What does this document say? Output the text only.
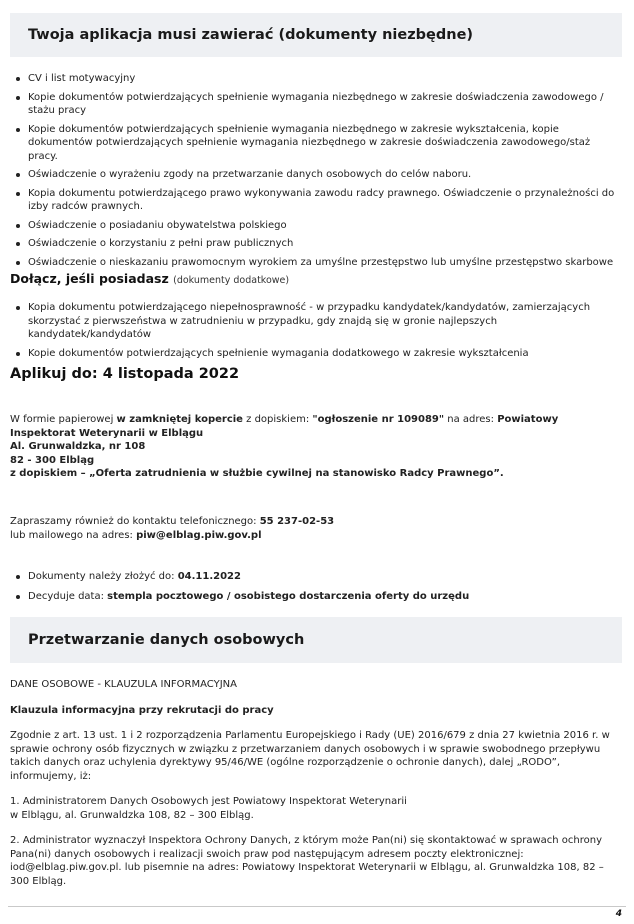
Twoja aplikacja musi zawierać (dokumenty niezbędne)
CV i list motywacyjny
Kopie dokumentów potwierdzających spełnienie wymagania niezbędnego w zakresie doświadczenia zawodowego / stażu pracy
Kopie dokumentów potwierdzających spełnienie wymagania niezbędnego w zakresie wykształcenia, kopie dokumentów potwierdzających spełnienie wymagania niezbędnego w zakresie doświadczenia zawodowego/staż pracy.
Oświadczenie o wyrażeniu zgody na przetwarzanie danych osobowych do celów naboru.
Kopia dokumentu potwierdzającego prawo wykonywania zawodu radcy prawnego. Oświadczenie o przynależności do izby radców prawnych.
Oświadczenie o posiadaniu obywatelstwa polskiego
Oświadczenie o korzystaniu z pełni praw publicznych
Oświadczenie o nieskazaniu prawomocnym wyrokiem za umyślne przestępstwo lub umyślne przestępstwo skarbowe
Dołącz, jeśli posiadasz (dokumenty dodatkowe)
Kopia dokumentu potwierdzającego niepełnosprawność - w przypadku kandydatek/kandydatów, zamierzających skorzystać z pierwszeństwa w zatrudnieniu w przypadku, gdy znajdą się w gronie najlepszych kandydatek/kandydatów
Kopie dokumentów potwierdzających spełnienie wymagania dodatkowego w zakresie wykształcenia
Aplikuj do: 4 listopada 2022

W formie papierowej w zamkniętej kopercie z dopiskiem: "ogłoszenie nr 109089" na adres: Powiatowy Inspektorat Weterynarii w Elblągu

Al. Grunwaldzka, nr 108

82 - 300 Elbląg

z dopiskiem – „Oferta zatrudnienia w służbie cywilnej na stanowisko Radcy Prawnego”.

Zapraszamy również do kontaktu telefonicznego: 55 237-02-53

lub mailowego na adres: piw@elblag.piw.gov.pl

Dokumenty należy złożyć do: 04.11.2022
Decyduje data: stempla pocztowego / osobistego dostarczenia oferty do urzędu
Przetwarzanie danych osobowych

DANE OSOBOWE - KLAUZULA INFORMACYJNA

Klauzula informacyjna przy rekrutacji do pracy

Zgodnie z art. 13 ust. 1 i 2 rozporządzenia Parlamentu Europejskiego i Rady (UE) 2016/679 z dnia 27 kwietnia 2016 r. w sprawie ochrony osób fizycznych w związku z przetwarzaniem danych osobowych i w sprawie swobodnego przepływu takich danych oraz uchylenia dyrektywy 95/46/WE (ogólne rozporządzenie o ochronie danych), dalej „RODO”, informujemy, iż:

1. Administratorem Danych Osobowych jest Powiatowy Inspektorat Weterynarii
w Elblągu, al. Grunwaldzka 108, 82 – 300 Elbląg.

2. Administrator wyznaczył Inspektora Ochrony Danych, z którym może Pan(ni) się skontaktować w sprawach ochrony Pana(ni) danych osobowych i realizacji swoich praw pod następującym adresem poczty elektronicznej: iod@elblag.piw.gov.pl. lub pisemnie na adres: Powiatowy Inspektorat Weterynarii w Elblągu, al. Grunwaldzka 108, 82 – 300 Elbląg.

4
